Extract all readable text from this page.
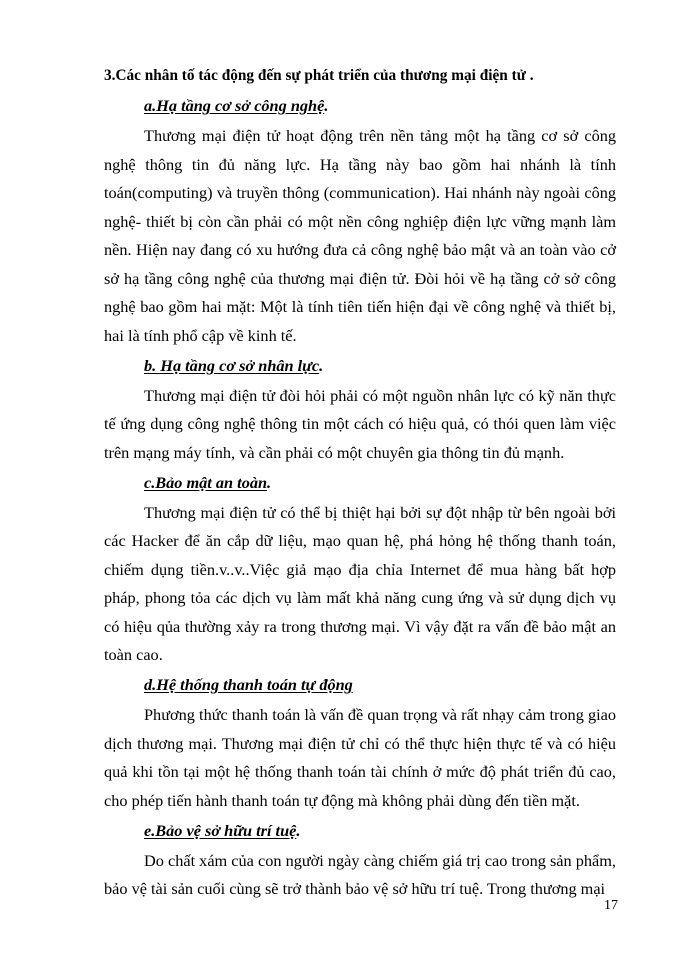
3.Các nhân tố tác động đến sự phát triển của thương mại điện tử .

a.Hạ tầng cơ sở công nghệ.

Thương mại điện tử hoạt động trên nền tảng một hạ tầng cơ sở công nghệ thông tin đủ năng lực. Hạ tầng này bao gồm hai nhánh là tính toán(computing) và truyền thông (communication). Hai nhánh này ngoài công nghệ- thiết bị còn cần phải có một nền công nghiệp điện lực vững mạnh làm nền. Hiện nay đang có xu hướng đưa cả công nghệ bảo mật và an toàn vào cở sở hạ tầng công nghệ của thương mại điện tử. Đòi hỏi về hạ tầng cở sở công nghệ bao gồm hai mặt: Một là tính tiên tiến hiện đại về công nghệ và thiết bị, hai là tính phổ cập về kinh tế.

b. Hạ tầng cơ sở nhân lực.

Thương mại điện tử đòi hỏi phải có một nguồn nhân lực có kỹ năn thực tế ứng dụng công nghệ thông tin một cách có hiệu quả, có thói quen làm việc trên mạng máy tính, và cần phải có một chuyên gia thông tin đủ mạnh.

c.Bảo mật an toàn.

Thương mại điện tử có thể bị thiệt hại bởi sự đột nhập từ bên ngoài bởi các Hacker để ăn cắp dữ liệu, mạo quan hệ, phá hỏng hệ thống thanh toán, chiếm dụng tiền.v..v..Việc giả mạo địa chỉa Internet để mua hàng bất hợp pháp, phong tỏa các dịch vụ làm mất khả năng cung ứng và sử dụng dịch vụ có hiệu qủa thường xảy ra trong thương mại. Vì vậy đặt ra vấn đề bảo mật an toàn cao.

d.Hệ thống thanh toán tự động

Phương thức thanh toán là vấn đề quan trọng và rất nhạy cảm trong giao dịch thương mại. Thương mại điện tử chỉ có thể thực hiện thực tế và có hiệu quả khi tồn tại một hệ thống thanh toán tài chính ở mức độ phát triển đủ cao, cho phép tiến hành thanh toán tự động mà không phải dùng đến tiền mặt.

e.Bảo vệ sở hữu trí tuệ.

Do chất xám của con người ngày càng chiếm giá trị cao trong sản phẩm, bảo vệ tài sản cuối cùng sẽ trở thành bảo vệ sở hữu trí tuệ. Trong thương mại

17
